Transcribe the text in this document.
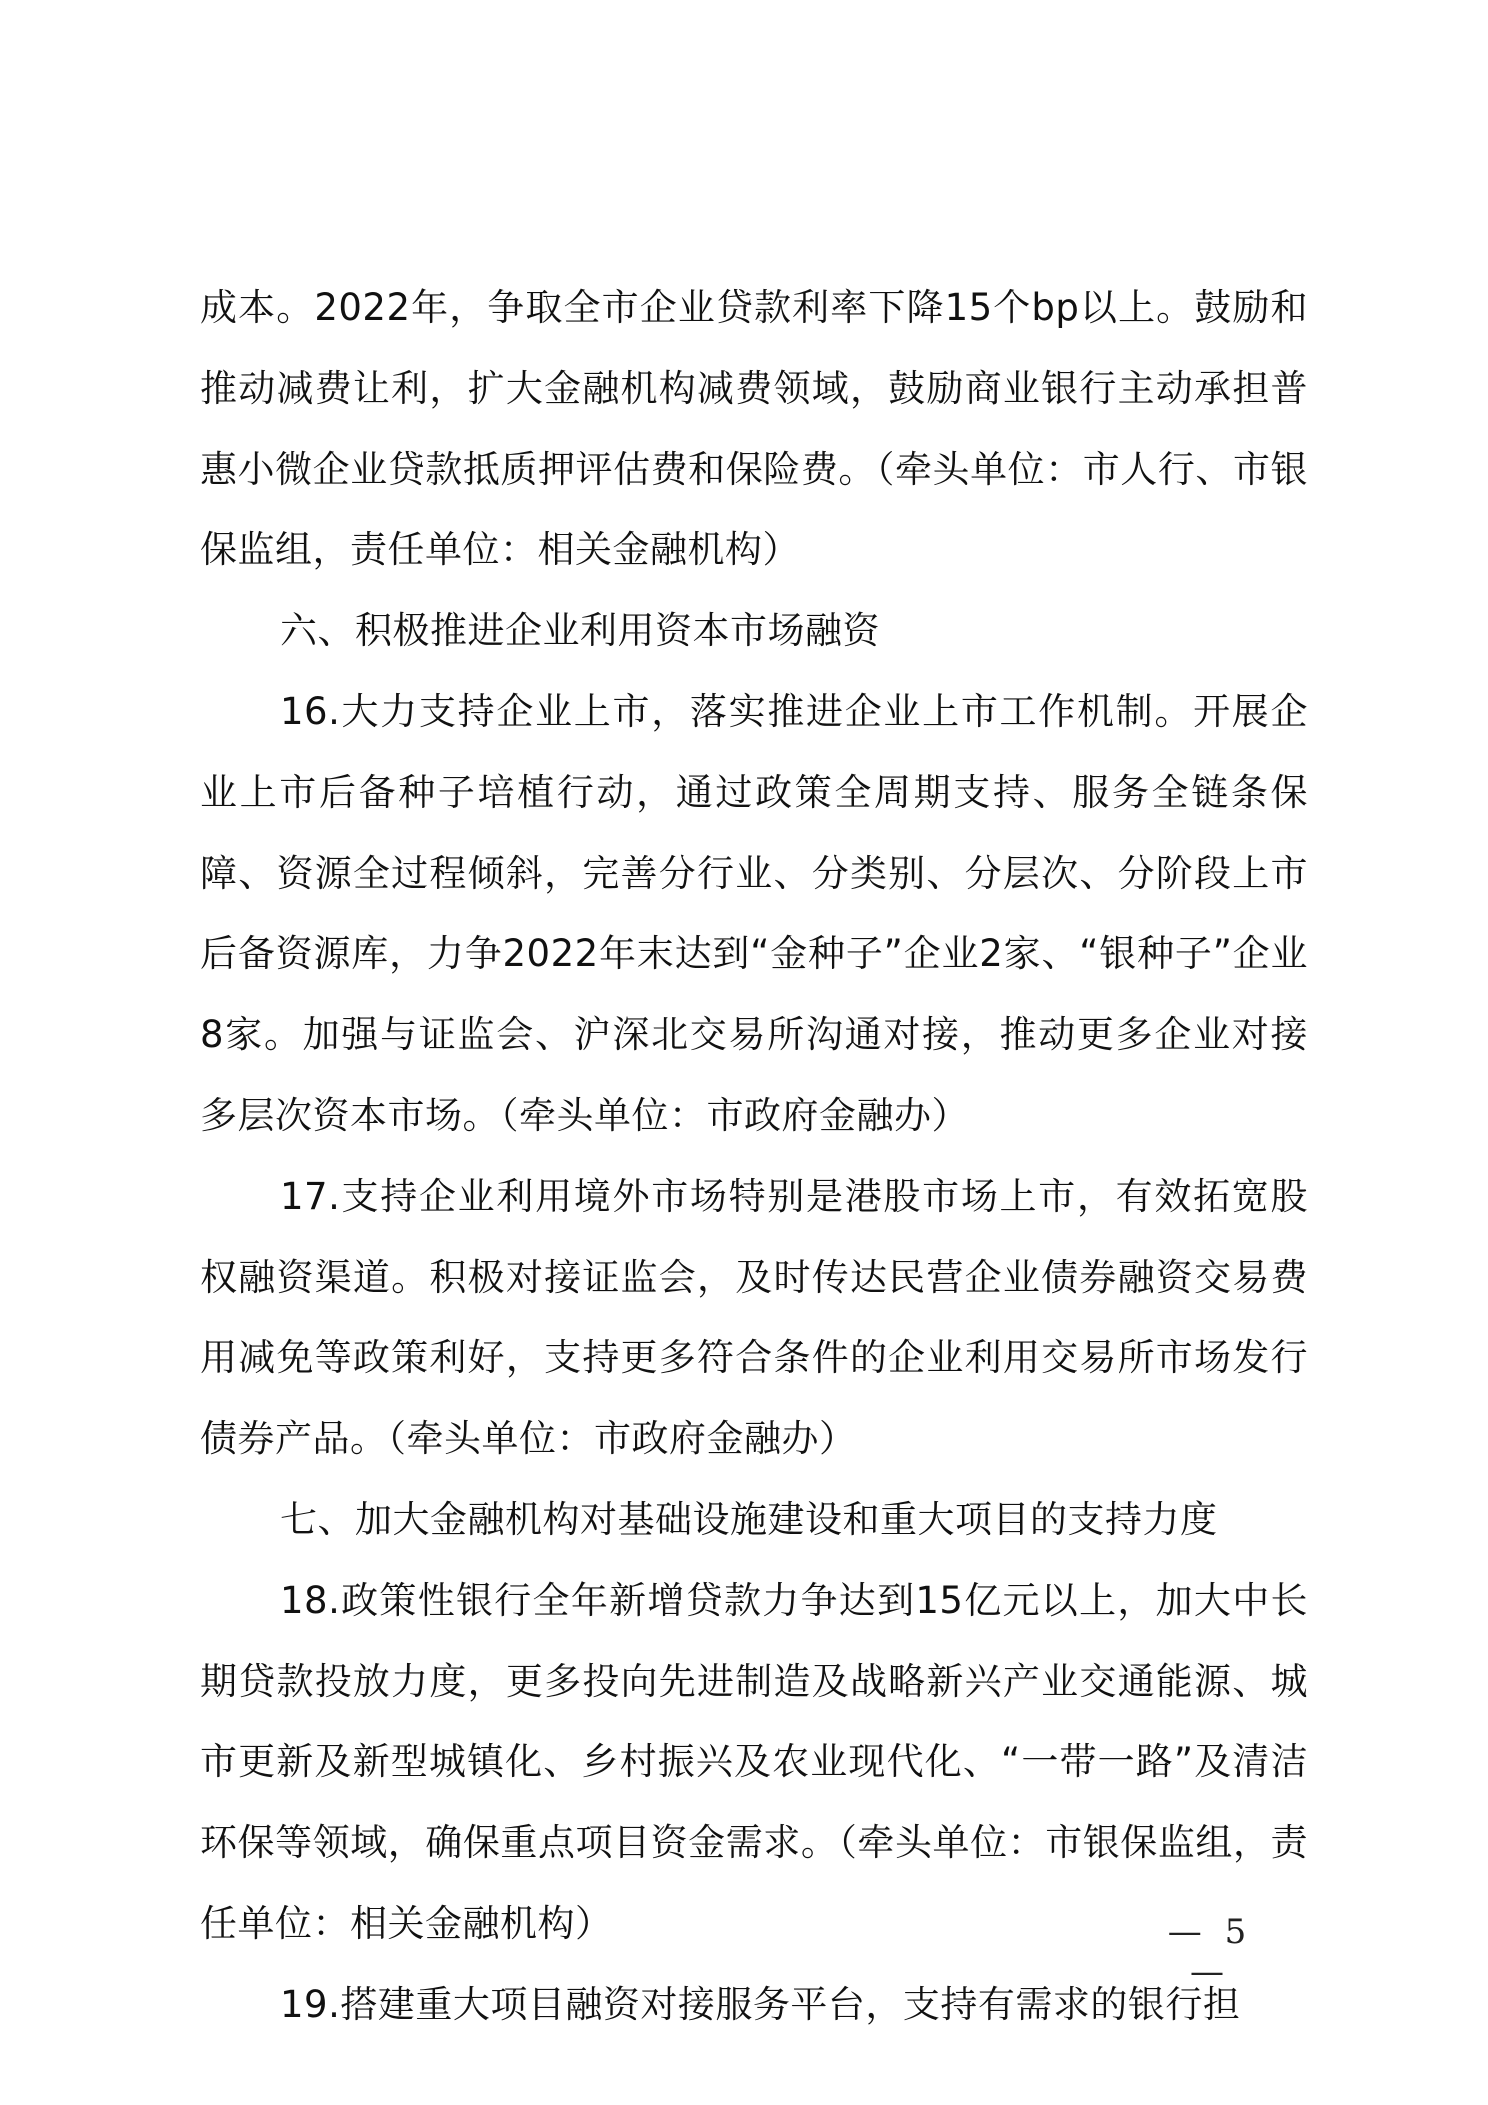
成本。2022年，争取全市企业贷款利率下降15个bp以上。鼓励和推动减费让利，扩大金融机构减费领域，鼓励商业银行主动承担普惠小微企业贷款抵质押评估费和保险费。（牵头单位：市人行、市银保监组，责任单位：相关金融机构）

六、积极推进企业利用资本市场融资

16.大力支持企业上市，落实推进企业上市工作机制。开展企业上市后备种子培植行动，通过政策全周期支持、服务全链条保障、资源全过程倾斜，完善分行业、分类别、分层次、分阶段上市后备资源库，力争2022年末达到“金种子”企业2家、“银种子”企业8家。加强与证监会、沪深北交易所沟通对接，推动更多企业对接多层次资本市场。（牵头单位：市政府金融办）

17.支持企业利用境外市场特别是港股市场上市，有效拓宽股权融资渠道。积极对接证监会，及时传达民营企业债券融资交易费用减免等政策利好，支持更多符合条件的企业利用交易所市场发行债券产品。（牵头单位：市政府金融办）

七、加大金融机构对基础设施建设和重大项目的支持力度

18.政策性银行全年新增贷款力争达到15亿元以上，加大中长期贷款投放力度，更多投向先进制造及战略新兴产业交通能源、城市更新及新型城镇化、乡村振兴及农业现代化、“一带一路”及清洁环保等领域，确保重点项目资金需求。（牵头单位：市银保监组，责任单位：相关金融机构）

19.搭建重大项目融资对接服务平台，支持有需求的银行担

— 5 —
